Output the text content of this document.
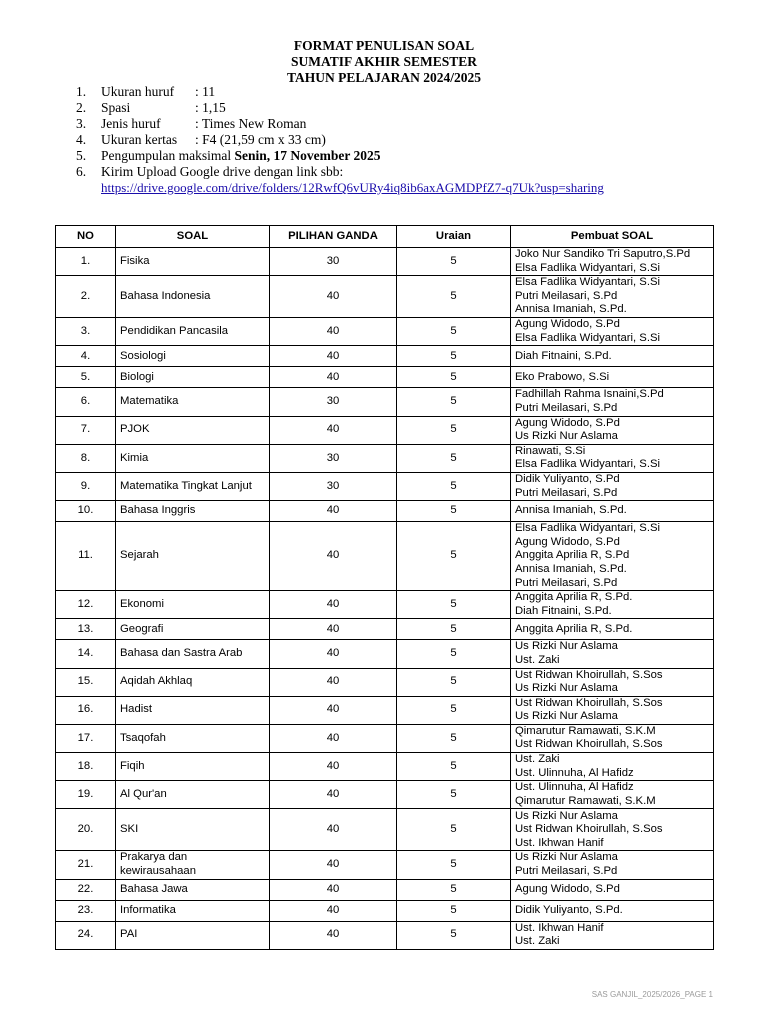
FORMAT PENULISAN SOAL
SUMATIF AKHIR SEMESTER
TAHUN PELAJARAN 2024/2025
1. Ukuran huruf : 11
2. Spasi	: 1,15
3. Jenis huruf	: Times New Roman
4. Ukuran kertas : F4 (21,59 cm x 33 cm)
5. Pengumpulan maksimal Senin, 17 November 2025
6. Kirim Upload Google drive dengan link sbb:
https://drive.google.com/drive/folders/12RwfQ6vURy4iq8ib6axAGMDPfZ7-q7Uk?usp=sharing
NO	SOAL	PILIHAN GANDA	Uraian	Pembuat SOAL
1.	Fisika	30	5	Joko Nur Sandiko Tri Saputro,S.Pd
Elsa Fadlika Widyantari, S.Si

2.	Bahasa Indonesia	40	5	Elsa Fadlika Widyantari, S.Si
Putri Meilasari, S.Pd
Annisa Imaniah, S.Pd.

3.	Pendidikan Pancasila	40	5	Agung Widodo, S.Pd
Elsa Fadlika Widyantari, S.Si

4.	Sosiologi	40	5	Diah Fitnaini, S.Pd.

5.	Biologi	40	5	Eko Prabowo, S.Si

6.	Matematika	30	5	Fadhillah Rahma Isnaini,S.Pd
Putri Meilasari, S.Pd

7.	PJOK	40	5	Agung Widodo, S.Pd
Us Rizki Nur Aslama

8.	Kimia	30	5	Rinawati, S.Si
Elsa Fadlika Widyantari, S.Si

9.	Matematika Tingkat Lanjut	30	5	Didik Yuliyanto, S.Pd
Putri Meilasari, S.Pd

10.	Bahasa Inggris	40	5	Annisa Imaniah, S.Pd.

11.	Sejarah	40	5	Elsa Fadlika Widyantari, S.Si
Agung Widodo, S.Pd
Anggita Aprilia R, S.Pd
Annisa Imaniah, S.Pd.
Putri Meilasari, S.Pd

12.	Ekonomi	40	5	Anggita Aprilia R, S.Pd.
Diah Fitnaini, S.Pd.

13.	Geografi	40	5	Anggita Aprilia R, S.Pd.

14.	Bahasa dan Sastra Arab	40	5	Us Rizki Nur Aslama
Ust. Zaki

15.	Aqidah Akhlaq	40	5	Ust Ridwan Khoirullah, S.Sos
Us Rizki Nur Aslama

16.	Hadist	40	5	Ust Ridwan Khoirullah, S.Sos
Us Rizki Nur Aslama

17.	Tsaqofah	40	5	Qimarutur Ramawati, S.K.M
Ust Ridwan Khoirullah, S.Sos

18.	Fiqih	40	5	Ust. Zaki
Ust. Ulinnuha, Al Hafidz

19.	Al Qur'an	40	5	Ust. Ulinnuha, Al Hafidz
Qimarutur Ramawati, S.K.M

20.	SKI	40	5	Us Rizki Nur Aslama
Ust Ridwan Khoirullah, S.Sos
Ust. Ikhwan Hanif

21.	Prakarya dan kewirausahaan	40	5	Us Rizki Nur Aslama
Putri Meilasari, S.Pd

22.	Bahasa Jawa	40	5	Agung Widodo, S.Pd

23.	Informatika	40	5	Didik Yuliyanto, S.Pd.

24.	PAI	40	5	Ust. Ikhwan Hanif
Ust. Zaki
SAS GANJIL_2025/2026_PAGE 1
